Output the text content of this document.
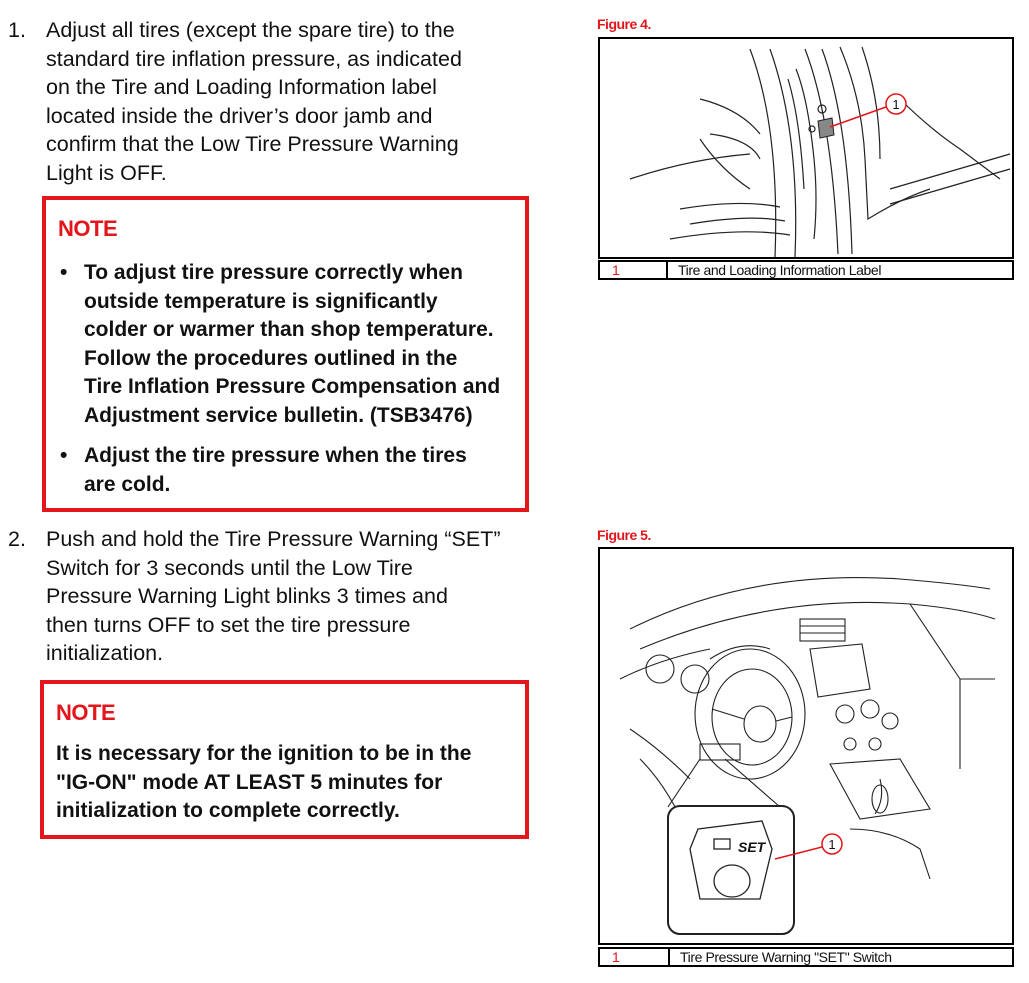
1. Adjust all tires (except the spare tire) to the
standard tire inflation pressure, as indicated
on the Tire and Loading Information label
located inside the driver’s door jamb and
confirm that the Low Tire Pressure Warning
Light is OFF.
NOTE
• To adjust tire pressure correctly when
outside temperature is significantly
colder or warmer than shop temperature.
Follow the procedures outlined in the
Tire Inflation Pressure Compensation and
Adjustment service bulletin. (TSB3476)
• Adjust the tire pressure when the tires
are cold.
2. Push and hold the Tire Pressure Warning “SET”
Switch for 3 seconds until the Low Tire
Pressure Warning Light blinks 3 times and
then turns OFF to set the tire pressure
initialization.
NOTE
It is necessary for the ignition to be in the
"IG-ON" mode AT LEAST 5 minutes for
initialization to complete correctly.
Figure 4.
1
1	Tire and Loading Information Label
Figure 5.
SET	1
1	Tire Pressure Warning "SET" Switch
